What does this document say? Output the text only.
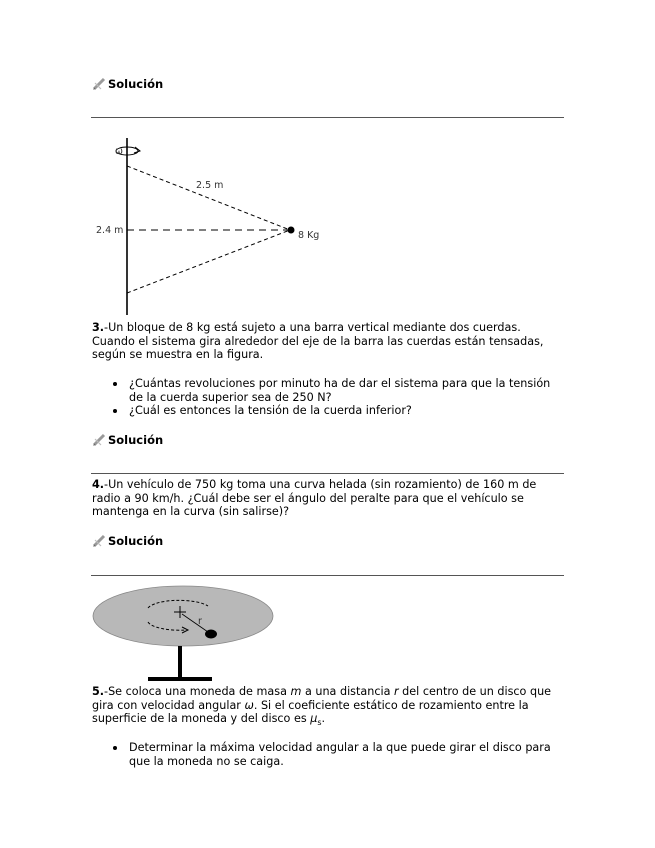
Solución
ω
2.5 m
2.4 m	8 Kg

3.-Un bloque de 8 kg está sujeto a una barra vertical mediante dos cuerdas. Cuando el sistema gira alrededor del eje de la barra las cuerdas están tensadas, según se muestra en la figura.

¿Cuántas revoluciones por minuto ha de dar el sistema para que la tensión de la cuerda superior sea de 250 N?
¿Cuál es entonces la tensión de la cuerda inferior?
Solución

4.-Un vehículo de 750 kg toma una curva helada (sin rozamiento) de 160 m de radio a 90 km/h. ¿Cuál debe ser el ángulo del peralte para que el vehículo se mantenga en la curva (sin salirse)?

Solución
r

5.-Se coloca una moneda de masa m a una distancia r del centro de un disco que gira con velocidad angular ω. Si el coeficiente estático de rozamiento entre la superficie de la moneda y del disco es $\mu_s$.

Determinar la máxima velocidad angular a la que puede girar el disco para que la moneda no se caiga.
